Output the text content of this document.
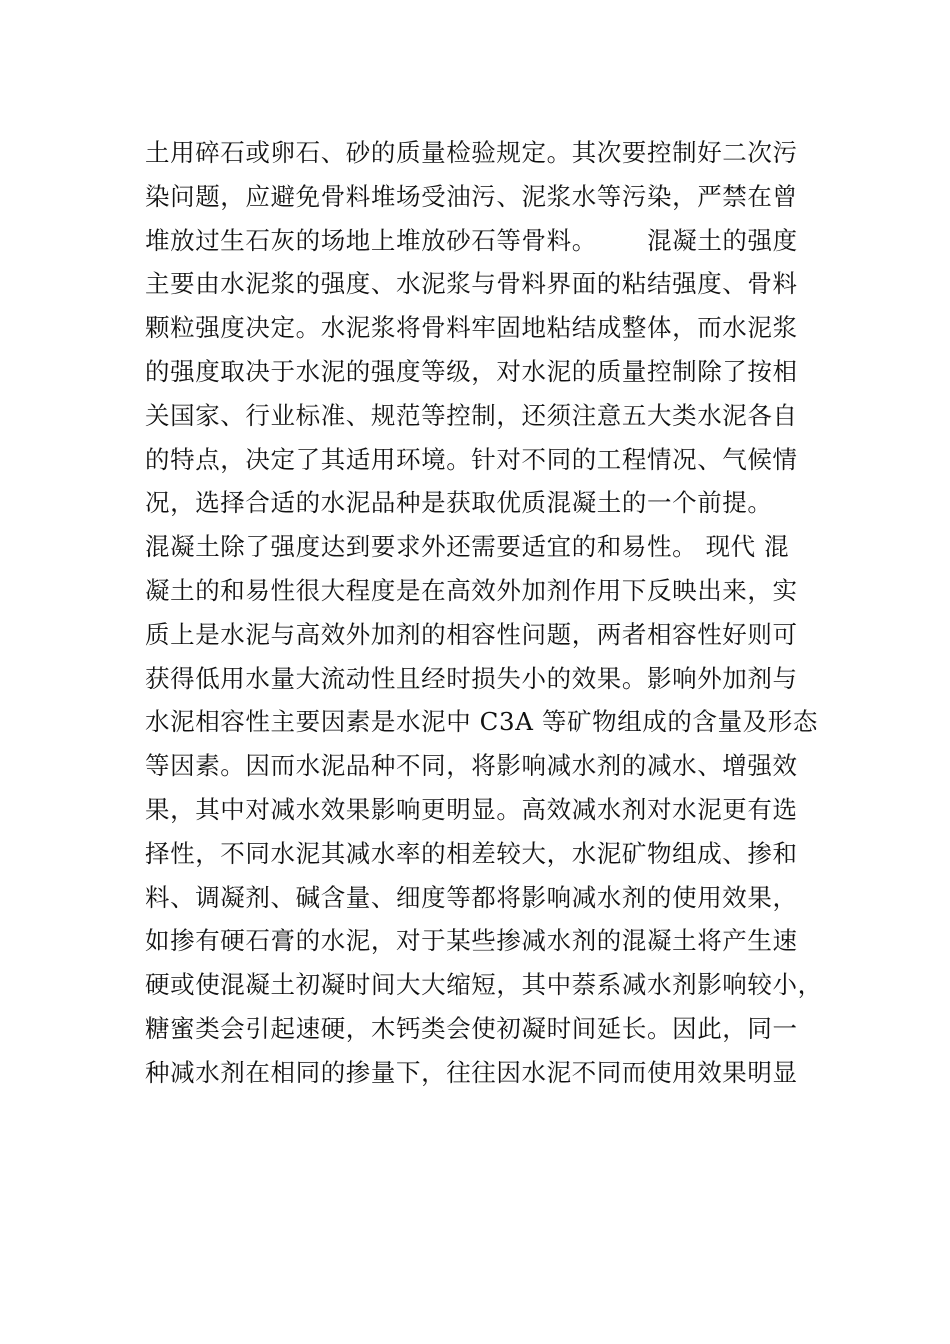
土用碎石或卵石、砂的质量检验规定。其次要控制好二次污
染问题，应避免骨料堆场受油污、泥浆水等污染，严禁在曾
堆放过生石灰的场地上堆放砂石等骨料。      混凝土的强度
主要由水泥浆的强度、水泥浆与骨料界面的粘结强度、骨料
颗粒强度决定。水泥浆将骨料牢固地粘结成整体，而水泥浆
的强度取决于水泥的强度等级，对水泥的质量控制除了按相
关国家、行业标准、规范等控制，还须注意五大类水泥各自
的特点，决定了其适用环境。针对不同的工程情况、气候情
况，选择合适的水泥品种是获取优质混凝土的一个前提。
混凝土除了强度达到要求外还需要适宜的和易性。 现代 混
凝土的和易性很大程度是在高效外加剂作用下反映出来，实
质上是水泥与高效外加剂的相容性问题，两者相容性好则可
获得低用水量大流动性且经时损失小的效果。影响外加剂与
水泥相容性主要因素是水泥中 C3A 等矿物组成的含量及形态
等因素。因而水泥品种不同，将影响减水剂的减水、增强效
果，其中对减水效果影响更明显。高效减水剂对水泥更有选
择性，不同水泥其减水率的相差较大，水泥矿物组成、掺和
料、调凝剂、碱含量、细度等都将影响减水剂的使用效果，
如掺有硬石膏的水泥，对于某些掺减水剂的混凝土将产生速
硬或使混凝土初凝时间大大缩短，其中萘系减水剂影响较小，
糖蜜类会引起速硬，木钙类会使初凝时间延长。因此，同一
种减水剂在相同的掺量下，往往因水泥不同而使用效果明显
